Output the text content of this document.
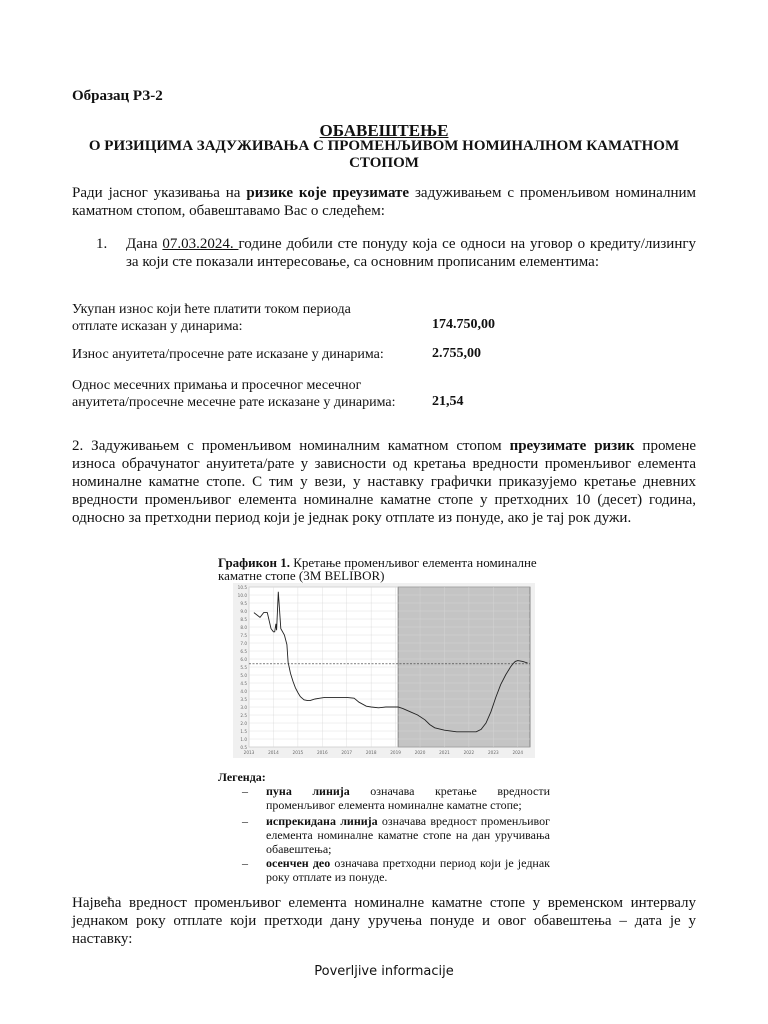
Образац РЗ-2
ОБАВЕШТЕЊЕ
О РИЗИЦИМА ЗАДУЖИВАЊА С ПРОМЕНЉИВОМ НОМИНАЛНОМ КАМАТНОМ
СТОПОМ
Ради јасног указивања на ризике које преузимате задуживањем с променљивом номиналним каматном стопом, обавештавамо Вас о следећем:
1. Дана 07.03.2024. године добили сте понуду која се односи на уговор о кредиту/лизингу за који сте показали интересовање, са основним прописаним елементима:
Укупан износ који ћете платити током периода
отплате исказан у динарима:	174.750,00
Износ ануитета/просечне рате исказане у динарима:	2.755,00
Однос месечних примања и просечног месечног
ануитета/просечне месечне рате исказане у динарима:	21,54
2. Задуживањем с променљивом номиналним каматном стопом преузимате ризик промене износа обрачунатог ануитета/рате у зависности од кретања вредности променљивог елемента номиналне каматне стопе. С тим у вези, у наставку графички приказујемо кретање дневних вредности променљивог елемента номиналне каматне стопе у претходних 10 (десет) година, односно за претходни период који је једнак року отплате из понуде, ако је тај рок дужи.
Графикон 1. Кретање променљивог елемента номиналне каматне стопе (3М BELIBOR)
0.5
1.0
1.5
2.0
2.5
3.0
3.5
4.0
4.5
5.0
5.5
6.0
6.5
7.0
7.5
8.0
8.5
9.0
9.5
10.0
10.5
2013	2014	2015	2016	2017	2018	2019	2020	2021	2022	2023	2024
Легенда:
– пуна линија означава кретање вредности променљивог елемента номиналне каматне стопе;
– испрекидана линија означава вредност променљивог елемента номиналне каматне стопе на дан уручивања обавештења;
– осенчен део означава претходни период који је једнак року отплате из понуде.
Највећа вредност променљивог елемента номиналне каматне стопе у временском интервалу једнаком року отплате који претходи дану уручења понуде и овог обавештења – дата је у наставку:
Poverljive informacije
